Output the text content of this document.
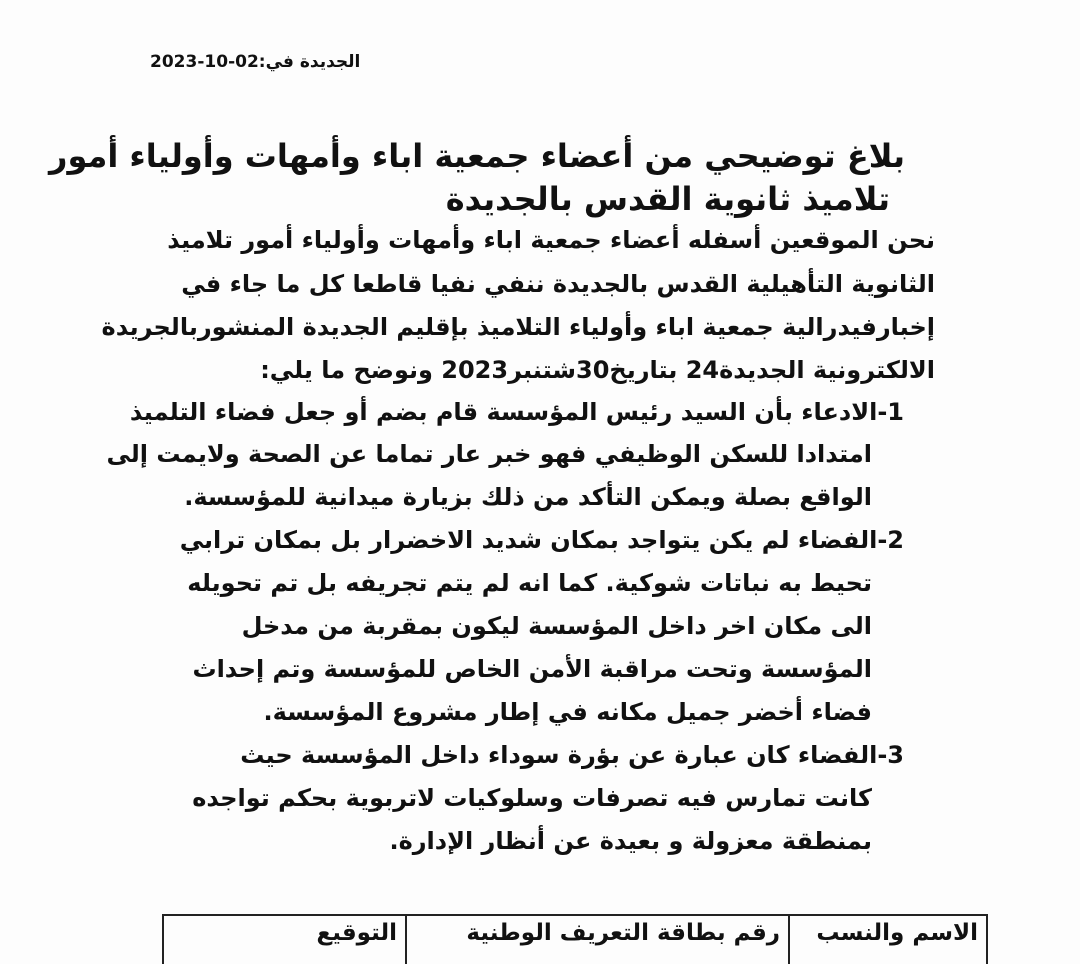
الجديدة في:02-10-2023
بلاغ توضيحي من أعضاء جمعية اباء وأمهات وأولياء أمور
تلاميذ ثانوية القدس بالجديدة
نحن الموقعين أسفله أعضاء جمعية اباء وأمهات وأولياء أمور تلاميذ
الثانوية التأهيلية القدس بالجديدة ننفي نفيا قاطعا كل ما جاء في
إخبارفيدرالية جمعية اباء وأولياء التلاميذ بإقليم الجديدة المنشوربالجريدة
الالكترونية الجديدة24 بتاريخ30شتنبر2023 ونوضح ما يلي:
1-الادعاء بأن السيد رئيس المؤسسة قام بضم أو جعل فضاء التلميذ
امتدادا للسكن الوظيفي فهو خبر عار تماما عن الصحة ولايمت إلى
الواقع بصلة ويمكن التأكد من ذلك بزيارة ميدانية للمؤسسة.
2-الفضاء لم يكن يتواجد بمكان شديد الاخضرار بل بمكان ترابي
تحيط به نباتات شوكية. كما انه لم يتم تجريفه بل تم تحويله
الى مكان اخر داخل المؤسسة ليكون بمقربة من مدخل
المؤسسة وتحت مراقبة الأمن الخاص للمؤسسة وتم إحداث
فضاء أخضر جميل مكانه في إطار مشروع المؤسسة.
3-الفضاء كان عبارة عن بؤرة سوداء داخل المؤسسة حيث
كانت تمارس فيه تصرفات وسلوكيات لاتربوية بحكم تواجده
بمنطقة معزولة و بعيدة عن أنظار الإدارة.
الاسم والنسب	رقم بطاقة التعريف الوطنية	التوقيع
